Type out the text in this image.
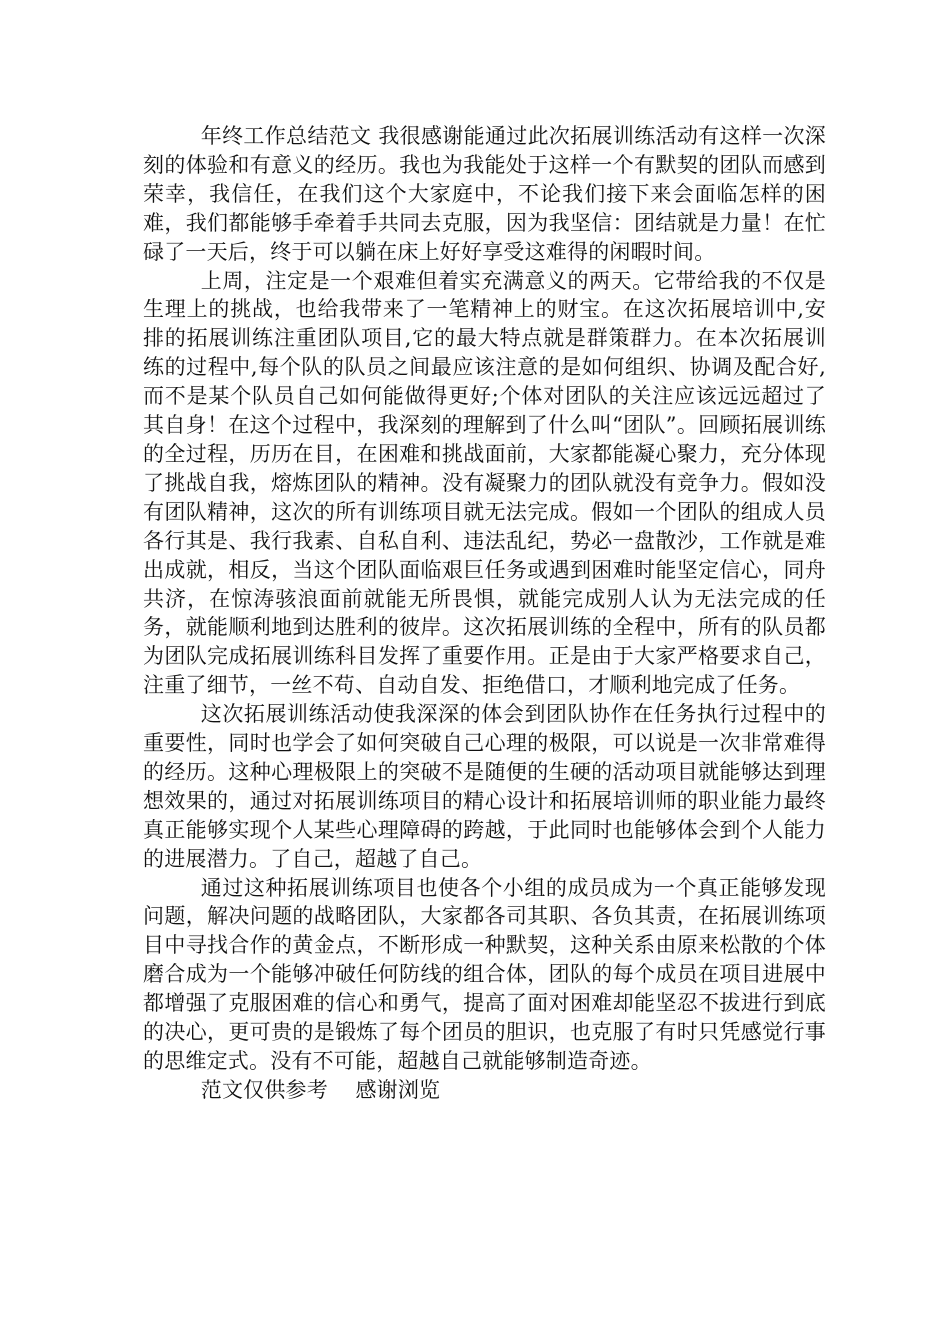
年终工作总结范文 我很感谢能通过此次拓展训练活动有这样一次深刻的体验和有意义的经历。我也为我能处于这样一个有默契的团队而感到荣幸，我信任，在我们这个大家庭中，不论我们接下来会面临怎样的困难，我们都能够手牵着手共同去克服，因为我坚信：团结就是力量！在忙碌了一天后，终于可以躺在床上好好享受这难得的闲暇时间。

上周，注定是一个艰难但着实充满意义的两天。它带给我的不仅是生理上的挑战，也给我带来了一笔精神上的财宝。在这次拓展培训中,安排的拓展训练注重团队项目,它的最大特点就是群策群力。在本次拓展训练的过程中,每个队的队员之间最应该注意的是如何组织、协调及配合好,而不是某个队员自己如何能做得更好;个体对团队的关注应该远远超过了其自身！在这个过程中，我深刻的理解到了什么叫“团队”。回顾拓展训练的全过程，历历在目，在困难和挑战面前，大家都能凝心聚力，充分体现了挑战自我，熔炼团队的精神。没有凝聚力的团队就没有竞争力。假如没有团队精神，这次的所有训练项目就无法完成。假如一个团队的组成人员各行其是、我行我素、自私自利、违法乱纪，势必一盘散沙，工作就是难出成就，相反，当这个团队面临艰巨任务或遇到困难时能坚定信心，同舟共济，在惊涛骇浪面前就能无所畏惧，就能完成别人认为无法完成的任务，就能顺利地到达胜利的彼岸。这次拓展训练的全程中，所有的队员都为团队完成拓展训练科目发挥了重要作用。正是由于大家严格要求自己，注重了细节，一丝不苟、自动自发、拒绝借口，才顺利地完成了任务。

这次拓展训练活动使我深深的体会到团队协作在任务执行过程中的重要性，同时也学会了如何突破自己心理的极限，可以说是一次非常难得的经历。这种心理极限上的突破不是随便的生硬的活动项目就能够达到理想效果的，通过对拓展训练项目的精心设计和拓展培训师的职业能力最终真正能够实现个人某些心理障碍的跨越，于此同时也能够体会到个人能力的进展潜力。了自己，超越了自己。

通过这种拓展训练项目也使各个小组的成员成为一个真正能够发现问题，解决问题的战略团队，大家都各司其职、各负其责，在拓展训练项目中寻找合作的黄金点，不断形成一种默契，这种关系由原来松散的个体磨合成为一个能够冲破任何防线的组合体，团队的每个成员在项目进展中都增强了克服困难的信心和勇气，提高了面对困难却能坚忍不拔进行到底的决心，更可贵的是锻炼了每个团员的胆识，也克服了有时只凭感觉行事的思维定式。没有不可能，超越自己就能够制造奇迹。

范文仅供参考    感谢浏览
